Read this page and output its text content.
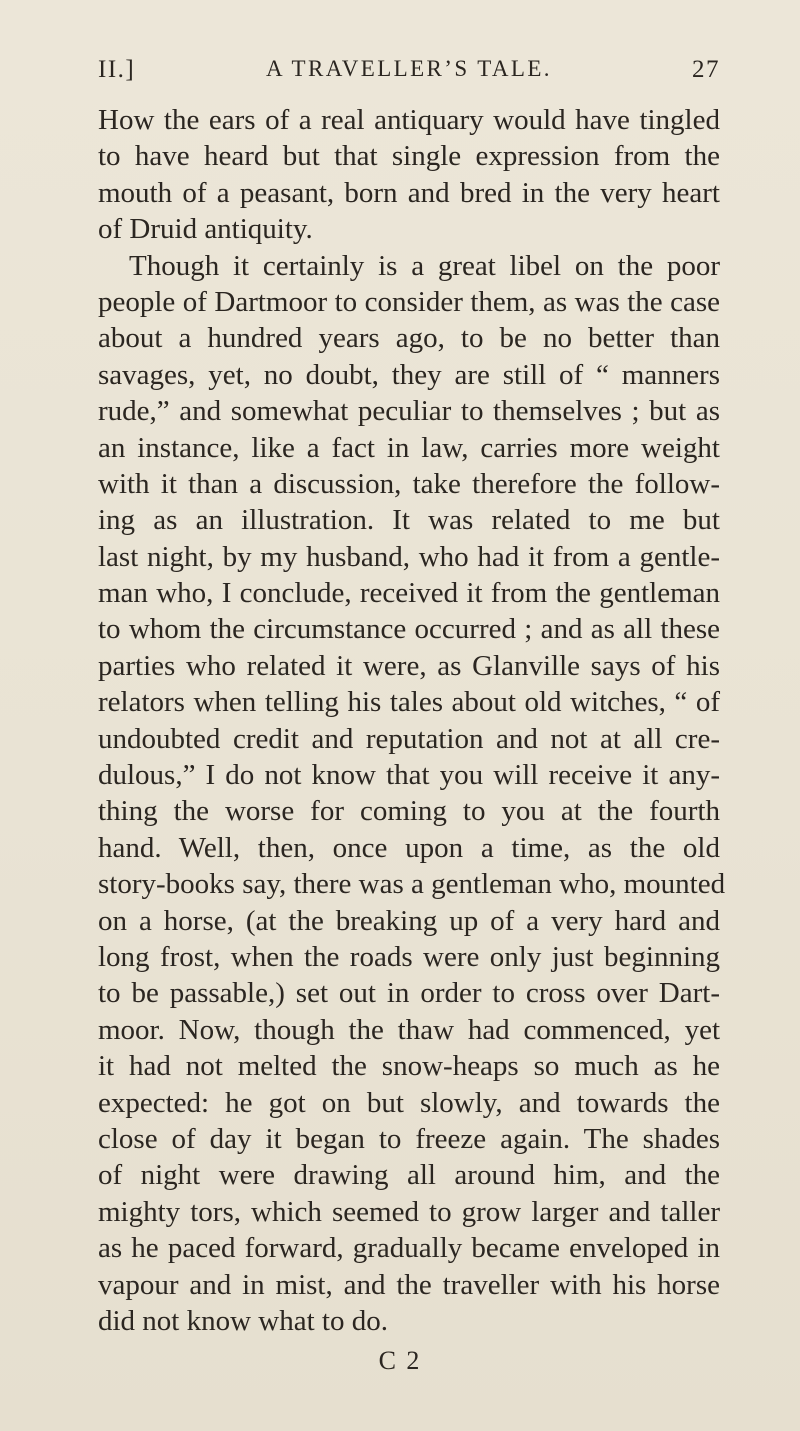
II.]	A TRAVELLER’S TALE.	27
How the ears of a real antiquary would have tingled
to have heard but that single expression from the
mouth of a peasant, born and bred in the very heart
of Druid antiquity.
Though it certainly is a great libel on the poor
people of Dartmoor to consider them, as was the case
about a hundred years ago, to be no better than
savages, yet, no doubt, they are still of “ manners
rude,” and somewhat peculiar to themselves ; but as
an instance, like a fact in law, carries more weight
with it than a discussion, take therefore the follow-
ing as an illustration. It was related to me but
last night, by my husband, who had it from a gentle-
man who, I conclude, received it from the gentleman
to whom the circumstance occurred ; and as all these
parties who related it were, as Glanville says of his
relators when telling his tales about old witches, “ of
undoubted credit and reputation and not at all cre-
dulous,” I do not know that you will receive it any-
thing the worse for coming to you at the fourth
hand. Well, then, once upon a time, as the old
story-books say, there was a gentleman who, mounted
on a horse, (at the breaking up of a very hard and
long frost, when the roads were only just beginning
to be passable,) set out in order to cross over Dart-
moor. Now, though the thaw had commenced, yet
it had not melted the snow-heaps so much as he
expected: he got on but slowly, and towards the
close of day it began to freeze again. The shades
of night were drawing all around him, and the
mighty tors, which seemed to grow larger and taller
as he paced forward, gradually became enveloped in
vapour and in mist, and the traveller with his horse
did not know what to do.
C 2
